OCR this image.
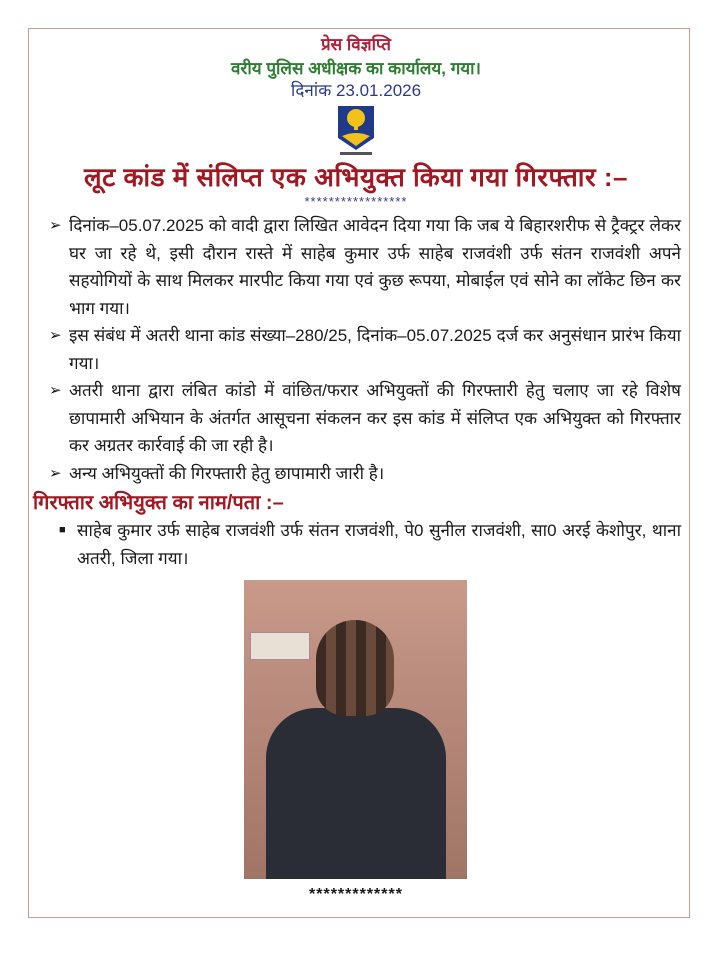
प्रेस विज्ञप्ति
वरीय पुलिस अधीक्षक का कार्यालय, गया।
दिनांक 23.01.2026
लूट कांड में संलिप्त एक अभियुक्त किया गया गिरफ्तार :–
*****************
➢ दिनांक–05.07.2025 को वादी द्वारा लिखित आवेदन दिया गया कि जब ये बिहारशरीफ से ट्रैक्ट्रर लेकर घर जा रहे थे, इसी दौरान रास्ते में साहेब कुमार उर्फ साहेब राजवंशी उर्फ संतन राजवंशी अपने सहयोगियों के साथ मिलकर मारपीट किया गया एवं कुछ रूपया, मोबाईल एवं सोने का लॉकेट छिन कर भाग गया।
➢ इस संबंध में अतरी थाना कांड संख्या–280/25, दिनांक–05.07.2025 दर्ज कर अनुसंधान प्रारंभ किया गया।
➢ अतरी थाना द्वारा लंबित कांडो में वांछित/फरार अभियुक्तों की गिरफ्तारी हेतु चलाए जा रहे विशेष छापामारी अभियान के अंतर्गत आसूचना संकलन कर इस कांड में संलिप्त एक अभियुक्त को गिरफ्तार कर अग्रतर कार्रवाई की जा रही है।
➢ अन्य अभियुक्तों की गिरफ्तारी हेतु छापामारी जारी है।
गिरफ्तार अभियुक्त का नाम/पता :–
■ साहेब कुमार उर्फ साहेब राजवंशी उर्फ संतन राजवंशी, पे0 सुनील राजवंशी, सा0 अरई केशोपुर, थाना अतरी, जिला गया।
*************
